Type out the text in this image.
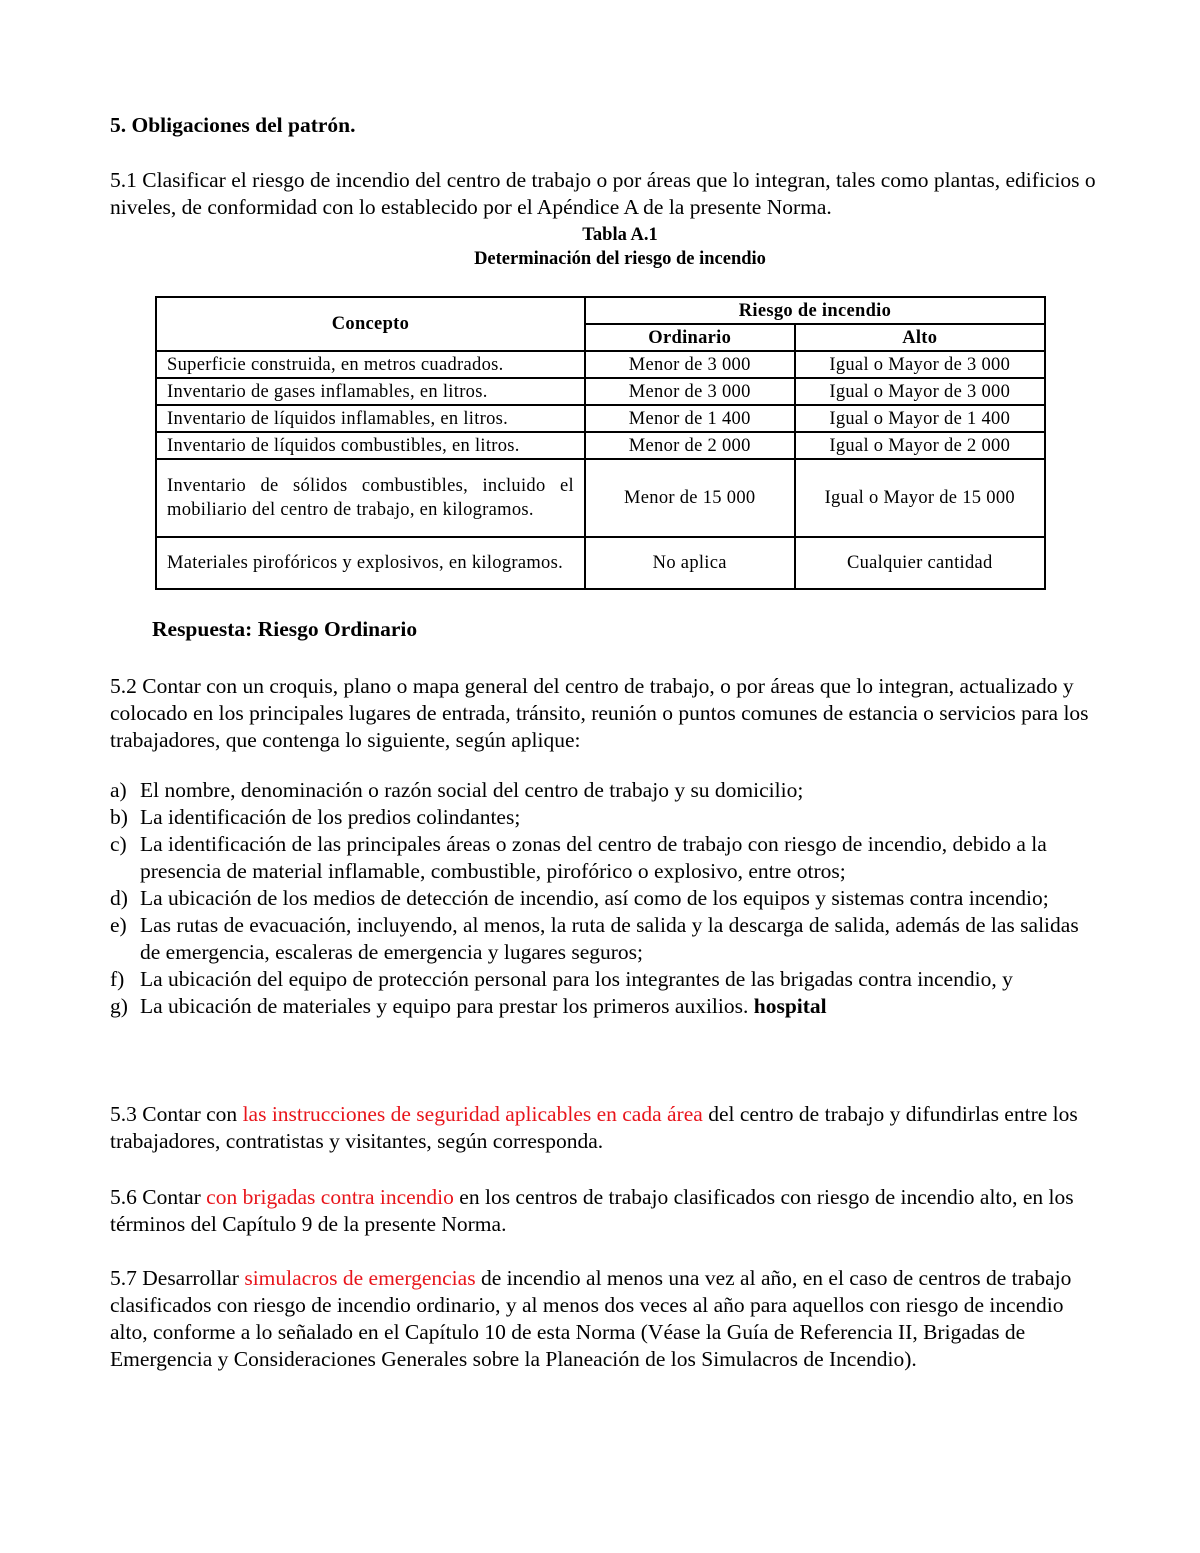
5. Obligaciones del patrón.
5.1 Clasificar el riesgo de incendio del centro de trabajo o por áreas que lo integran, tales como plantas, edificios o niveles, de conformidad con lo establecido por el Apéndice A de la presente Norma.
Tabla A.1
Determinación del riesgo de incendio
Concepto	Riesgo de incendio	
	Ordinario	Alto
Superficie construida, en metros cuadrados.	Menor de 3 000	Igual o Mayor de 3 000
Inventario de gases inflamables, en litros.	Menor de 3 000	Igual o Mayor de 3 000
Inventario de líquidos inflamables, en litros.	Menor de 1 400	Igual o Mayor de 1 400
Inventario de líquidos combustibles, en litros.	Menor de 2 000	Igual o Mayor de 2 000
Inventario de sólidos combustibles, incluido el mobiliario del centro de trabajo, en kilogramos.	Menor de 15 000	Igual o Mayor de 15 000
Materiales pirofóricos y explosivos, en kilogramos.	No aplica	Cualquier cantidad
Respuesta: Riesgo Ordinario
5.2 Contar con un croquis, plano o mapa general del centro de trabajo, o por áreas que lo integran, actualizado y colocado en los principales lugares de entrada, tránsito, reunión o puntos comunes de estancia o servicios para los trabajadores, que contenga lo siguiente, según aplique:
a) El nombre, denominación o razón social del centro de trabajo y su domicilio;
b) La identificación de los predios colindantes;
c) La identificación de las principales áreas o zonas del centro de trabajo con riesgo de incendio, debido a la presencia de material inflamable, combustible, pirofórico o explosivo, entre otros;
d) La ubicación de los medios de detección de incendio, así como de los equipos y sistemas contra incendio;
e) Las rutas de evacuación, incluyendo, al menos, la ruta de salida y la descarga de salida, además de las salidas de emergencia, escaleras de emergencia y lugares seguros;
f) La ubicación del equipo de protección personal para los integrantes de las brigadas contra incendio, y
g) La ubicación de materiales y equipo para prestar los primeros auxilios. hospital
5.3 Contar con las instrucciones de seguridad aplicables en cada área del centro de trabajo y difundirlas entre los trabajadores, contratistas y visitantes, según corresponda.
5.6 Contar con brigadas contra incendio en los centros de trabajo clasificados con riesgo de incendio alto, en los términos del Capítulo 9 de la presente Norma.
5.7 Desarrollar simulacros de emergencias de incendio al menos una vez al año, en el caso de centros de trabajo clasificados con riesgo de incendio ordinario, y al menos dos veces al año para aquellos con riesgo de incendio alto, conforme a lo señalado en el Capítulo 10 de esta Norma (Véase la Guía de Referencia II, Brigadas de Emergencia y Consideraciones Generales sobre la Planeación de los Simulacros de Incendio).
